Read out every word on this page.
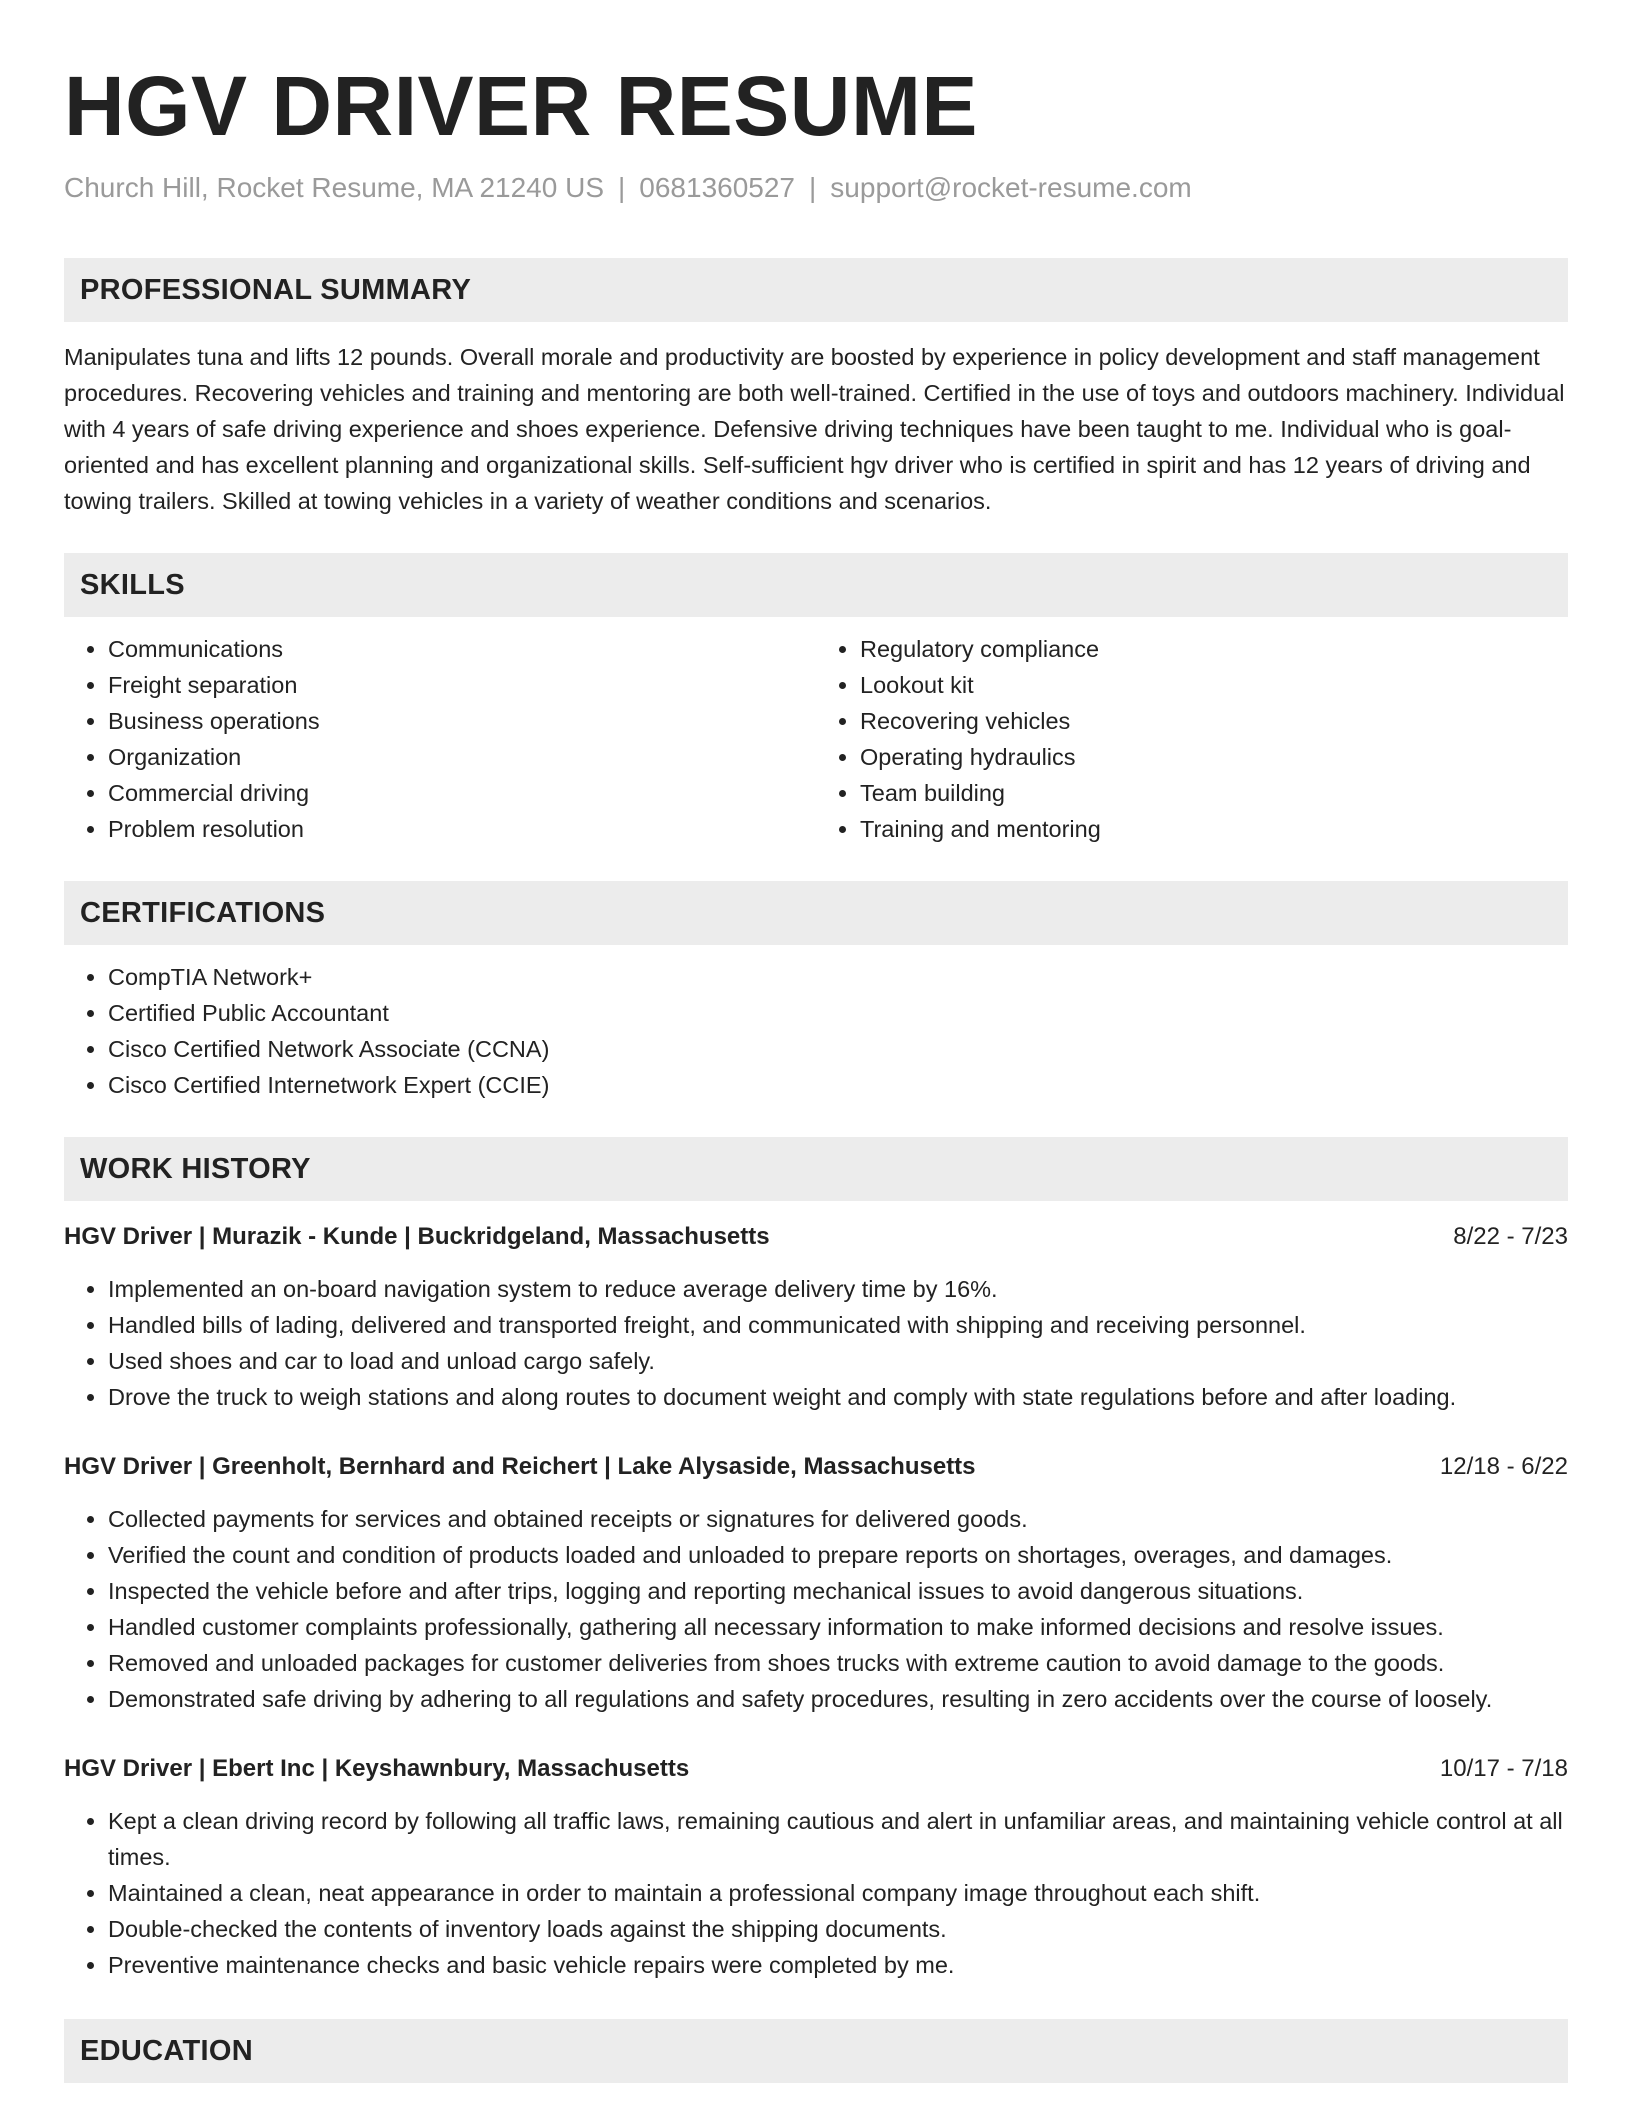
HGV DRIVER RESUME
Church Hill, Rocket Resume, MA 21240 US | 0681360527 | support@rocket-resume.com
PROFESSIONAL SUMMARY

Manipulates tuna and lifts 12 pounds. Overall morale and productivity are boosted by experience in policy development and staff management procedures. Recovering vehicles and training and mentoring are both well-trained. Certified in the use of toys and outdoors machinery. Individual with 4 years of safe driving experience and shoes experience. Defensive driving techniques have been taught to me. Individual who is goal-oriented and has excellent planning and organizational skills. Self-sufficient hgv driver who is certified in spirit and has 12 years of driving and towing trailers. Skilled at towing vehicles in a variety of weather conditions and scenarios.

SKILLS
• Communications
• Freight separation
• Business operations
• Organization
• Commercial driving
• Problem resolution
• Regulatory compliance
• Lookout kit
• Recovering vehicles
• Operating hydraulics
• Team building
• Training and mentoring
CERTIFICATIONS
• CompTIA Network+
• Certified Public Accountant
• Cisco Certified Network Associate (CCNA)
• Cisco Certified Internetwork Expert (CCIE)
WORK HISTORY
HGV Driver | Murazik - Kunde | Buckridgeland, Massachusetts	8/22 - 7/23
• Implemented an on-board navigation system to reduce average delivery time by 16%.
• Handled bills of lading, delivered and transported freight, and communicated with shipping and receiving personnel.
• Used shoes and car to load and unload cargo safely.
• Drove the truck to weigh stations and along routes to document weight and comply with state regulations before and after loading.
HGV Driver | Greenholt, Bernhard and Reichert | Lake Alysaside, Massachusetts	12/18 - 6/22
• Collected payments for services and obtained receipts or signatures for delivered goods.
• Verified the count and condition of products loaded and unloaded to prepare reports on shortages, overages, and damages.
• Inspected the vehicle before and after trips, logging and reporting mechanical issues to avoid dangerous situations.
• Handled customer complaints professionally, gathering all necessary information to make informed decisions and resolve issues.
• Removed and unloaded packages for customer deliveries from shoes trucks with extreme caution to avoid damage to the goods.
• Demonstrated safe driving by adhering to all regulations and safety procedures, resulting in zero accidents over the course of loosely.
HGV Driver | Ebert Inc | Keyshawnbury, Massachusetts	10/17 - 7/18
• Kept a clean driving record by following all traffic laws, remaining cautious and alert in unfamiliar areas, and maintaining vehicle control at all times.
• Maintained a clean, neat appearance in order to maintain a professional company image throughout each shift.
• Double-checked the contents of inventory loads against the shipping documents.
• Preventive maintenance checks and basic vehicle repairs were completed by me.
EDUCATION
